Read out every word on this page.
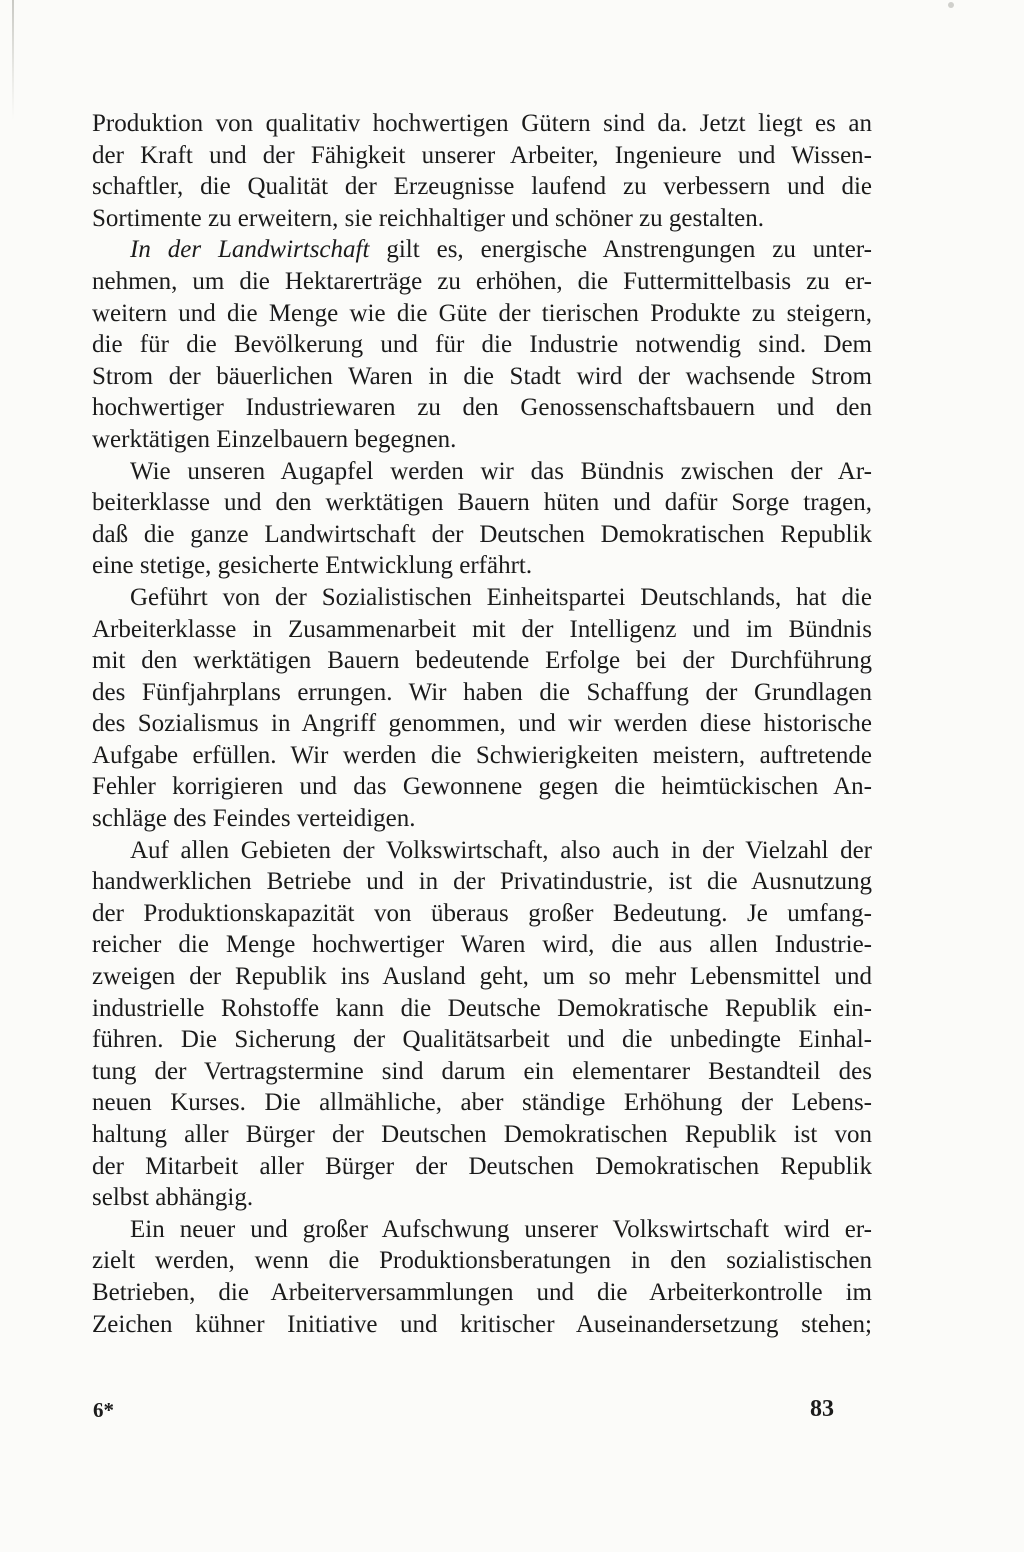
Produktion von qualitativ hochwertigen Gütern sind da. Jetzt liegt es an
der Kraft und der Fähigkeit unserer Arbeiter, Ingenieure und Wissen-
schaftler, die Qualität der Erzeugnisse laufend zu verbessern und die
Sortimente zu erweitern, sie reichhaltiger und schöner zu gestalten.
In der Landwirtschaft gilt es, energische Anstrengungen zu unter-
nehmen, um die Hektarerträge zu erhöhen, die Futtermittelbasis zu er-
weitern und die Menge wie die Güte der tierischen Produkte zu steigern,
die für die Bevölkerung und für die Industrie notwendig sind. Dem
Strom der bäuerlichen Waren in die Stadt wird der wachsende Strom
hochwertiger Industriewaren zu den Genossenschaftsbauern und den
werktätigen Einzelbauern begegnen.
Wie unseren Augapfel werden wir das Bündnis zwischen der Ar-
beiterklasse und den werktätigen Bauern hüten und dafür Sorge tragen,
daß die ganze Landwirtschaft der Deutschen Demokratischen Republik
eine stetige, gesicherte Entwicklung erfährt.
Geführt von der Sozialistischen Einheitspartei Deutschlands, hat die
Arbeiterklasse in Zusammenarbeit mit der Intelligenz und im Bündnis
mit den werktätigen Bauern bedeutende Erfolge bei der Durchführung
des Fünfjahrplans errungen. Wir haben die Schaffung der Grundlagen
des Sozialismus in Angriff genommen, und wir werden diese historische
Aufgabe erfüllen. Wir werden die Schwierigkeiten meistern, auftretende
Fehler korrigieren und das Gewonnene gegen die heimtückischen An-
schläge des Feindes verteidigen.
Auf allen Gebieten der Volkswirtschaft, also auch in der Vielzahl der
handwerklichen Betriebe und in der Privatindustrie, ist die Ausnutzung
der Produktionskapazität von überaus großer Bedeutung. Je umfang-
reicher die Menge hochwertiger Waren wird, die aus allen Industrie-
zweigen der Republik ins Ausland geht, um so mehr Lebensmittel und
industrielle Rohstoffe kann die Deutsche Demokratische Republik ein-
führen. Die Sicherung der Qualitätsarbeit und die unbedingte Einhal-
tung der Vertragstermine sind darum ein elementarer Bestandteil des
neuen Kurses. Die allmähliche, aber ständige Erhöhung der Lebens-
haltung aller Bürger der Deutschen Demokratischen Republik ist von
der Mitarbeit aller Bürger der Deutschen Demokratischen Republik
selbst abhängig.
Ein neuer und großer Aufschwung unserer Volkswirtschaft wird er-
zielt werden, wenn die Produktionsberatungen in den sozialistischen
Betrieben, die Arbeiterversammlungen und die Arbeiterkontrolle im
Zeichen kühner Initiative und kritischer Auseinandersetzung stehen;
6*	83
